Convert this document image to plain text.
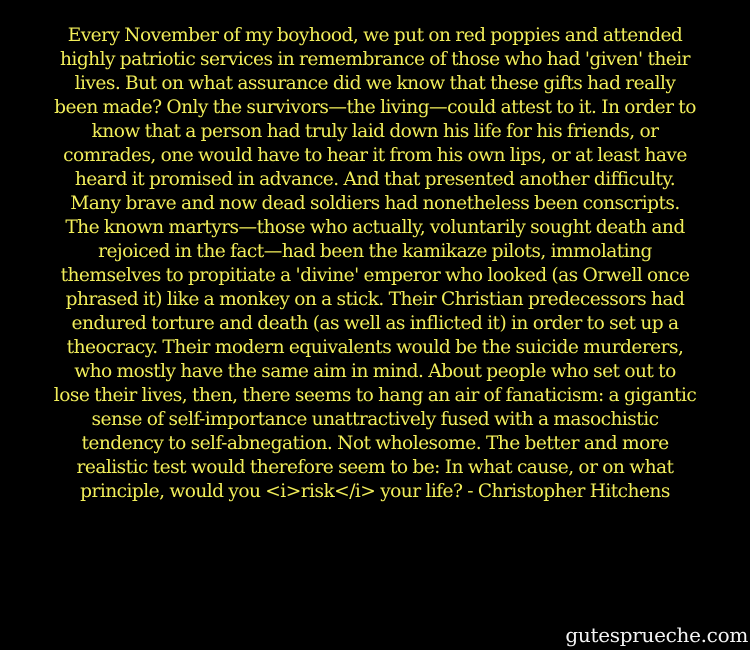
Every November of my boyhood, we put on red poppies and attended
highly patriotic services in remembrance of those who had 'given' their
lives. But on what assurance did we know that these gifts had really
been made? Only the survivors—the living—could attest to it. In order to
know that a person had truly laid down his life for his friends, or
comrades, one would have to hear it from his own lips, or at least have
heard it promised in advance. And that presented another difficulty.
Many brave and now dead soldiers had nonetheless been conscripts.
The known martyrs—those who actually, voluntarily sought death and
rejoiced in the fact—had been the kamikaze pilots, immolating
themselves to propitiate a 'divine' emperor who looked (as Orwell once
phrased it) like a monkey on a stick. Their Christian predecessors had
endured torture and death (as well as inflicted it) in order to set up a
theocracy. Their modern equivalents would be the suicide murderers,
who mostly have the same aim in mind. About people who set out to
lose their lives, then, there seems to hang an air of fanaticism: a gigantic
sense of self-importance unattractively fused with a masochistic
tendency to self-abnegation. Not wholesome. The better and more
realistic test would therefore seem to be: In what cause, or on what
principle, would you <i>risk</i> your life? - Christopher Hitchens
gutesprueche.com
